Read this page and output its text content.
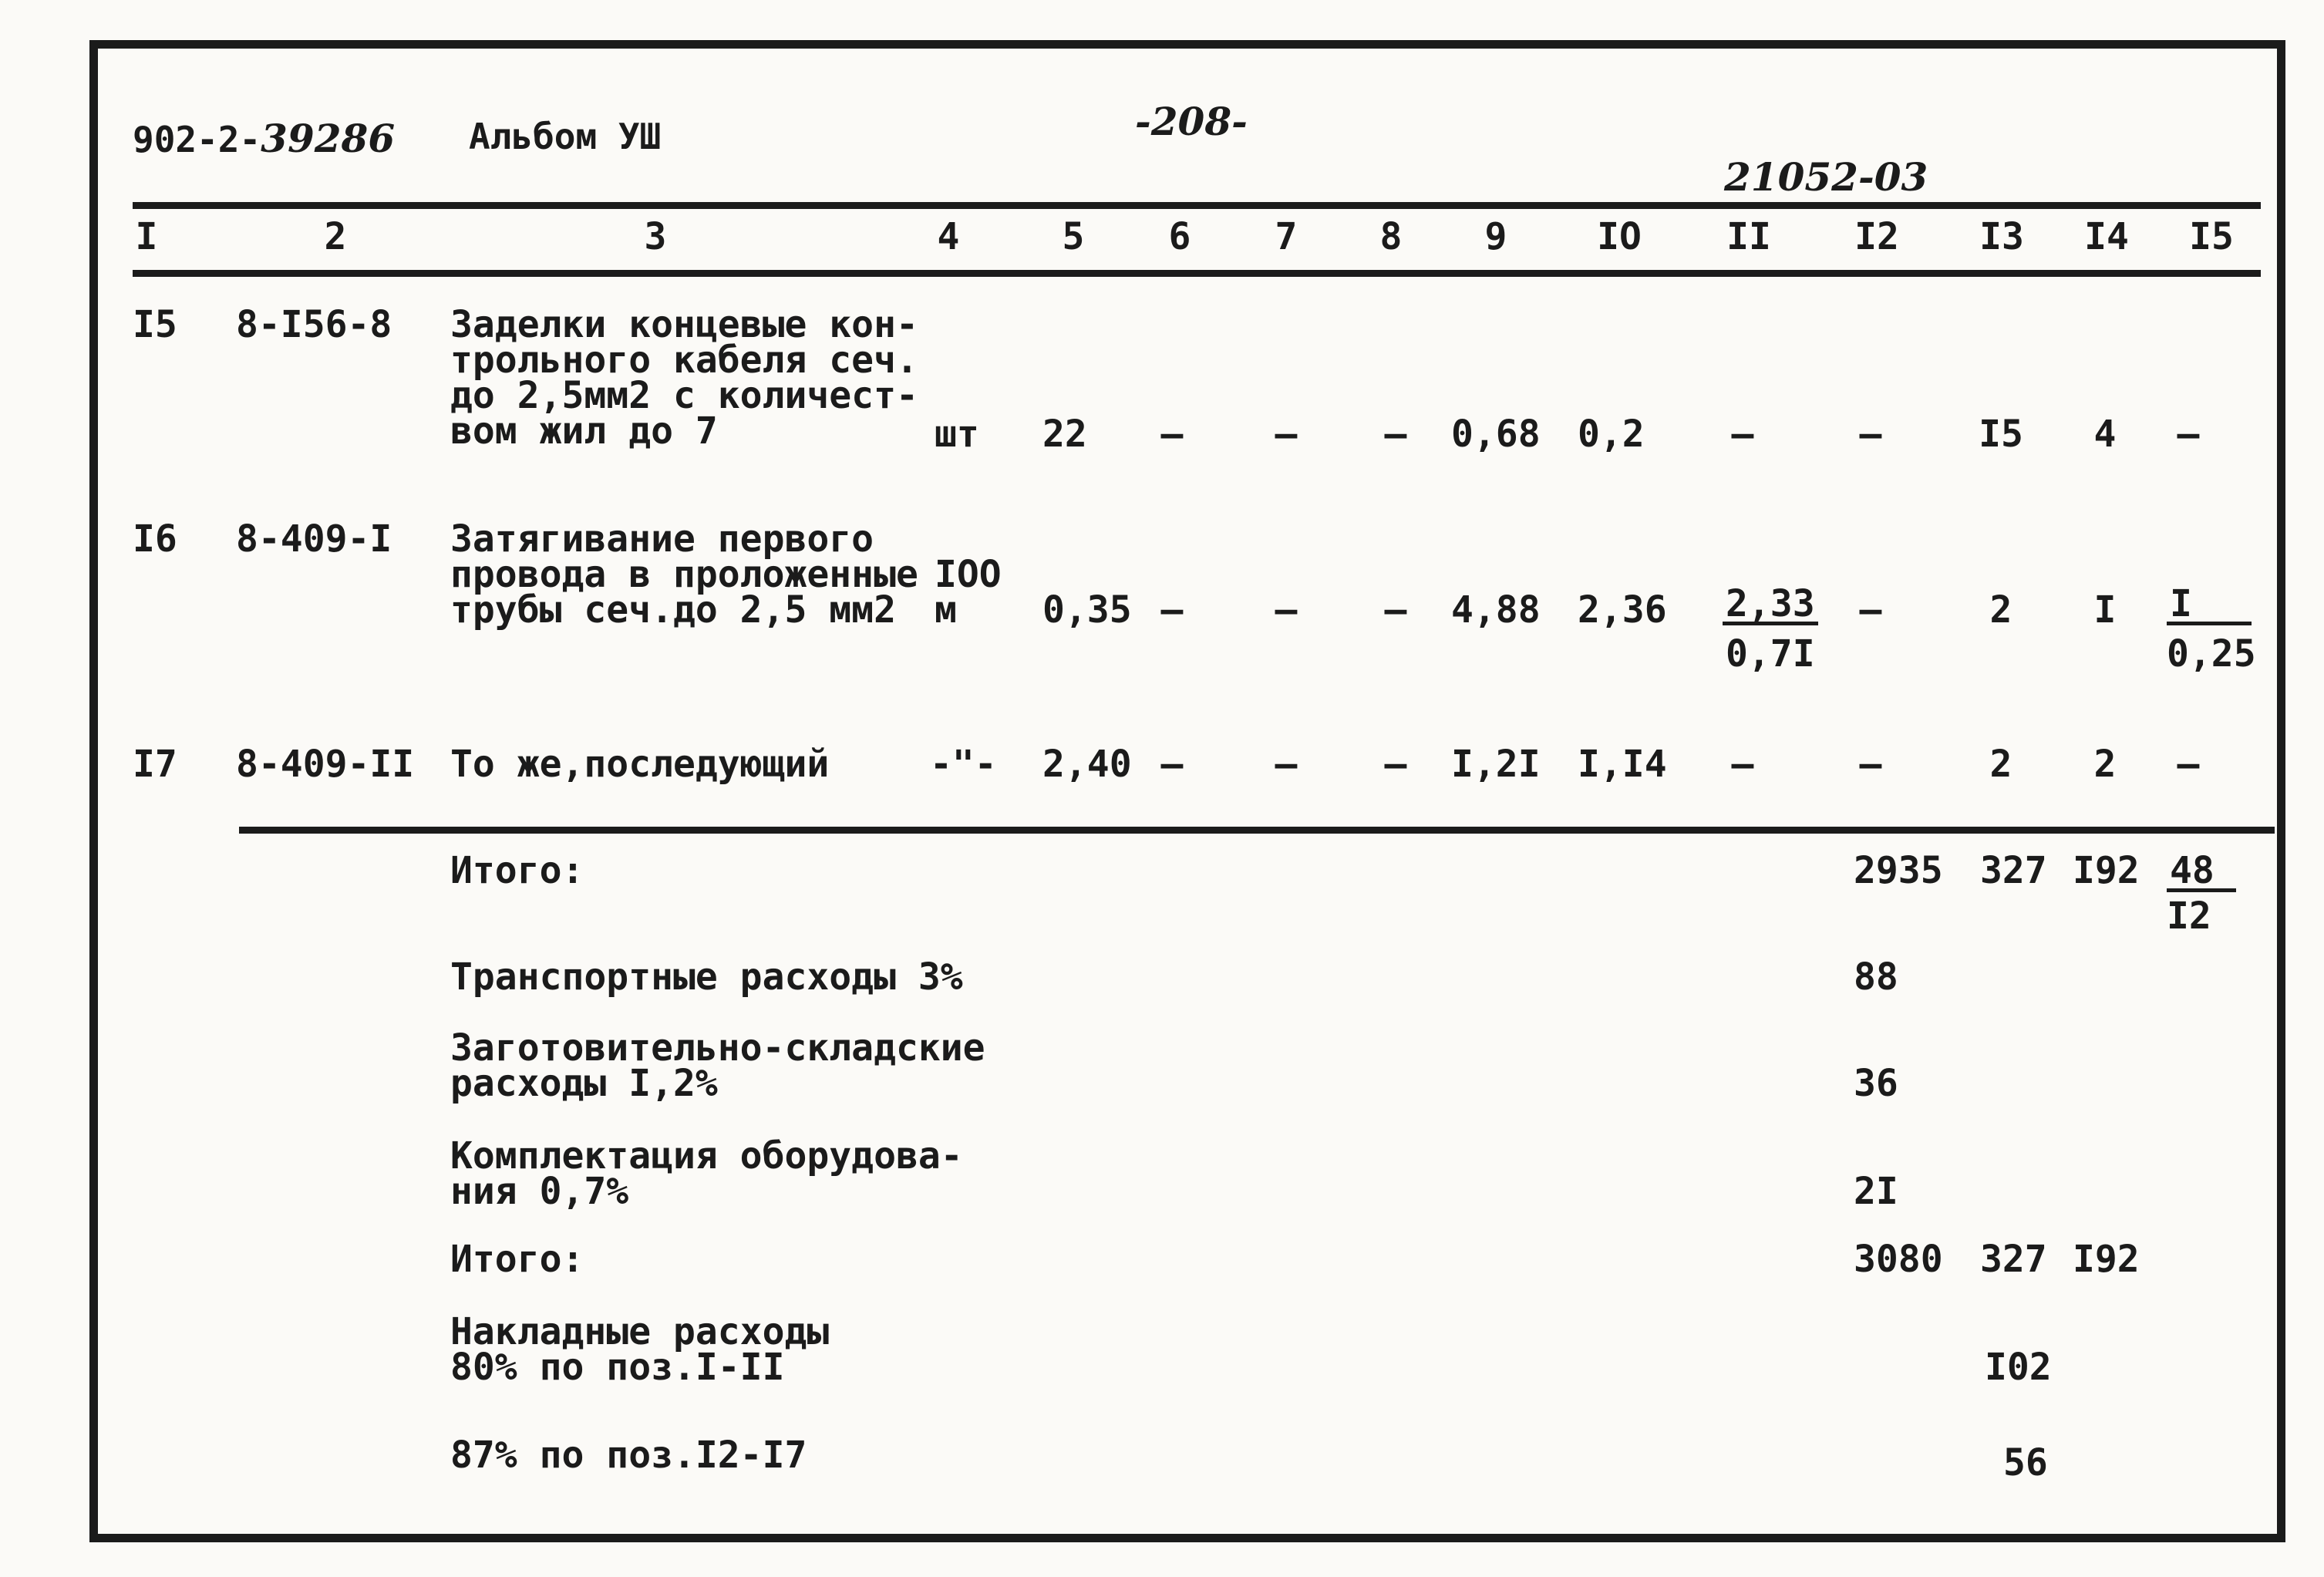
902-2-39286 Альбом УШ	-208-
21052-03
I	2	3	4	5	6	7	8	9	IO	II	I2	I3	I4	I5
I5 8-I56-8 Заделки концевые кон-
трольного кабеля сеч.
до 2,5мм2 с количест-
вом жил до 7	шт 22	–	–	–	0,68 0,2	–	–	I5	4	–
I6 8-409-I Затягивание первого
провода в проложенные
трубы сеч.до 2,5 мм2
IOO
м	0,35 –	–	–	4,88 $2,36 \frac{2,33}{0,7I}$	–	2	I	$\frac{I}{0,25}$
I7 8-409-II То же,последующий	-"- 2,40 –	–	–	I,2I I,I4	–	–	2	2	–
Итого:	2935 327 $I92 \frac{48}{I2}$
Транспортные расходы 3%	88
Заготовительно-складские
расходы I,2%	36
Комплектация оборудова-
ния 0,7%	2I
Итого:	3080 327 I92
Накладные расходы
80% по поз.I-II	I02
87% по поз.I2-I7	56
